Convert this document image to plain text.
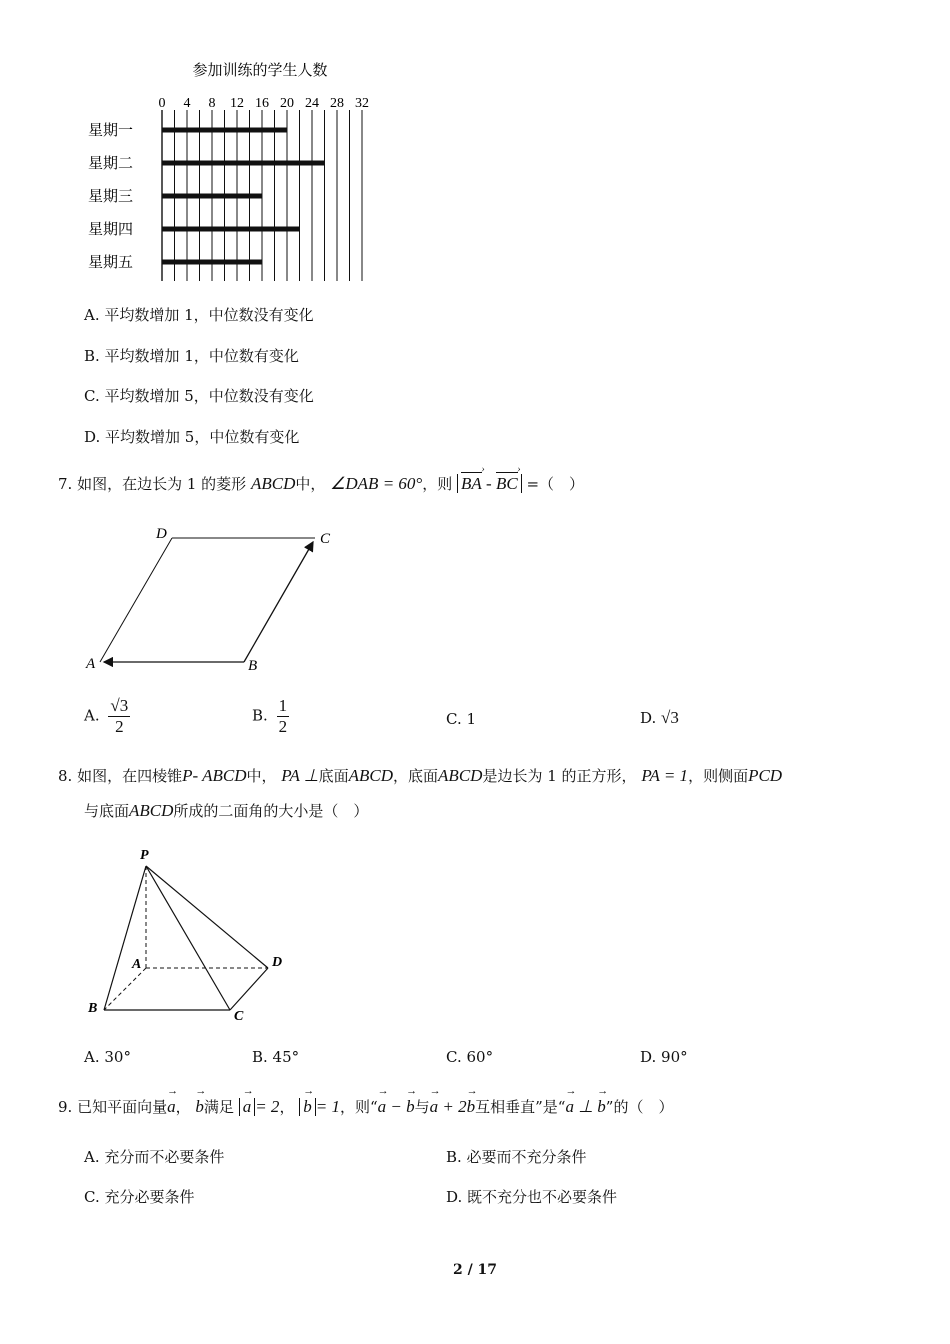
参加训练的学生人数
0 4 8 12 16 20 24 28 32
星期一
星期二
星期三
星期四
星期五
A. 平均数增加 1，中位数没有变化
B. 平均数增加 1，中位数有变化
C. 平均数增加 5，中位数没有变化
D. 平均数增加 5，中位数有变化
7. 如图，在边长为 1 的菱形 ABCD中， ∠DAB = 60°，则 BA › - BC › =（　）
D	C
A	B
A. $\frac{√3}{2}$	B. $\frac{1}{2}$	C. 1	D. √3
8. 如图，在四棱锥P- ABCD中， PA ⊥底面ABCD，底面ABCD是边长为 1 的正方形， PA = 1，则侧面PCD
与底面ABCD所成的二面角的大小是（　）
P
A
B
C
D
A. 30°	B. 45°	C. 60°	D. 90°
9. 已知平面向量→ a， → b满足 → a = 2， → b = 1，则“→ a − → b与→ a + 2→ b互相垂直”是“→ a ⊥ → b”的（　）
A. 充分而不必要条件	B. 必要而不充分条件
C. 充分必要条件	D. 既不充分也不必要条件
2 / 17
